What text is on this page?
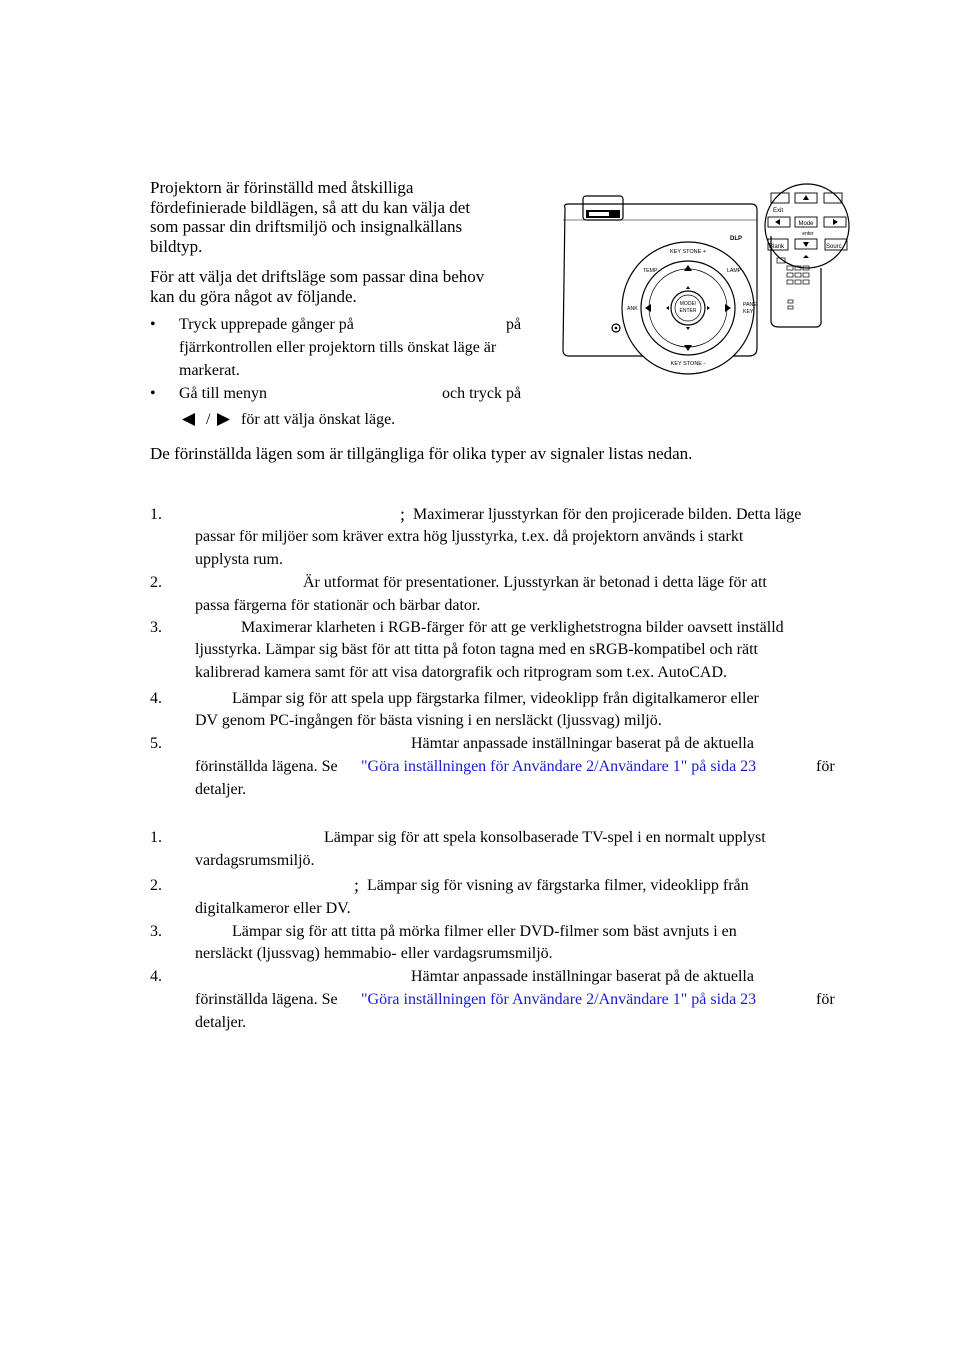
Projektorn är förinställd med åtskilliga
fördefinierade bildlägen, så att du kan välja det
som passar din driftsmiljö och insignalkällans
bildtyp.
För att välja det driftsläge som passar dina behov
kan du göra något av följande.
• Tryck upprepade gånger på	på
fjärrkontrollen eller projektorn tills önskat läge är
markerat.
• Gå till menyn	och tryck på
/ för att välja önskat läge.
De förinställda lägen som är tillgängliga för olika typer av signaler listas nedan.
1.	; Maximerar ljusstyrkan för den projicerade bilden. Detta läge
passar för miljöer som kräver extra hög ljusstyrka, t.ex. då projektorn används i starkt
upplysta rum.
2.	Är utformat för presentationer. Ljusstyrkan är betonad i detta läge för att
passa färgerna för stationär och bärbar dator.
3.	Maximerar klarheten i RGB-färger för att ge verklighetstrogna bilder oavsett inställd
ljusstyrka. Lämpar sig bäst för att titta på foton tagna med en sRGB-kompatibel och rätt
kalibrerad kamera samt för att visa datorgrafik och ritprogram som t.ex. AutoCAD.
4.	Lämpar sig för att spela upp färgstarka filmer, videoklipp från digitalkameror eller
DV genom PC-ingången för bästa visning i en nersläckt (ljussvag) miljö.
5.	Hämtar anpassade inställningar baserat på de aktuella
förinställda lägena. Se "Göra inställningen för Användare 2/Användare 1" på sida 23	för
detaljer.
1.	Lämpar sig för att spela konsolbaserade TV-spel i en normalt upplyst
vardagsrumsmiljö.
2.	; Lämpar sig för visning av färgstarka filmer, videoklipp från
digitalkameror eller DV.
3.	Lämpar sig för att titta på mörka filmer eller DVD-filmer som bäst avnjuts i en
nersläckt (ljussvag) hemmabio- eller vardagsrumsmiljö.
4.	Hämtar anpassade inställningar baserat på de aktuella
förinställda lägena. Se "Göra inställningen för Användare 2/Användare 1" på sida 23	för
detaljer.
KEY STONE +
KEY STONE -
TEMP	LAMP
ANK
PANE
KEY
MODE/
ENTER
DLP
Exit
Mode
enter
Blank	Sourc
